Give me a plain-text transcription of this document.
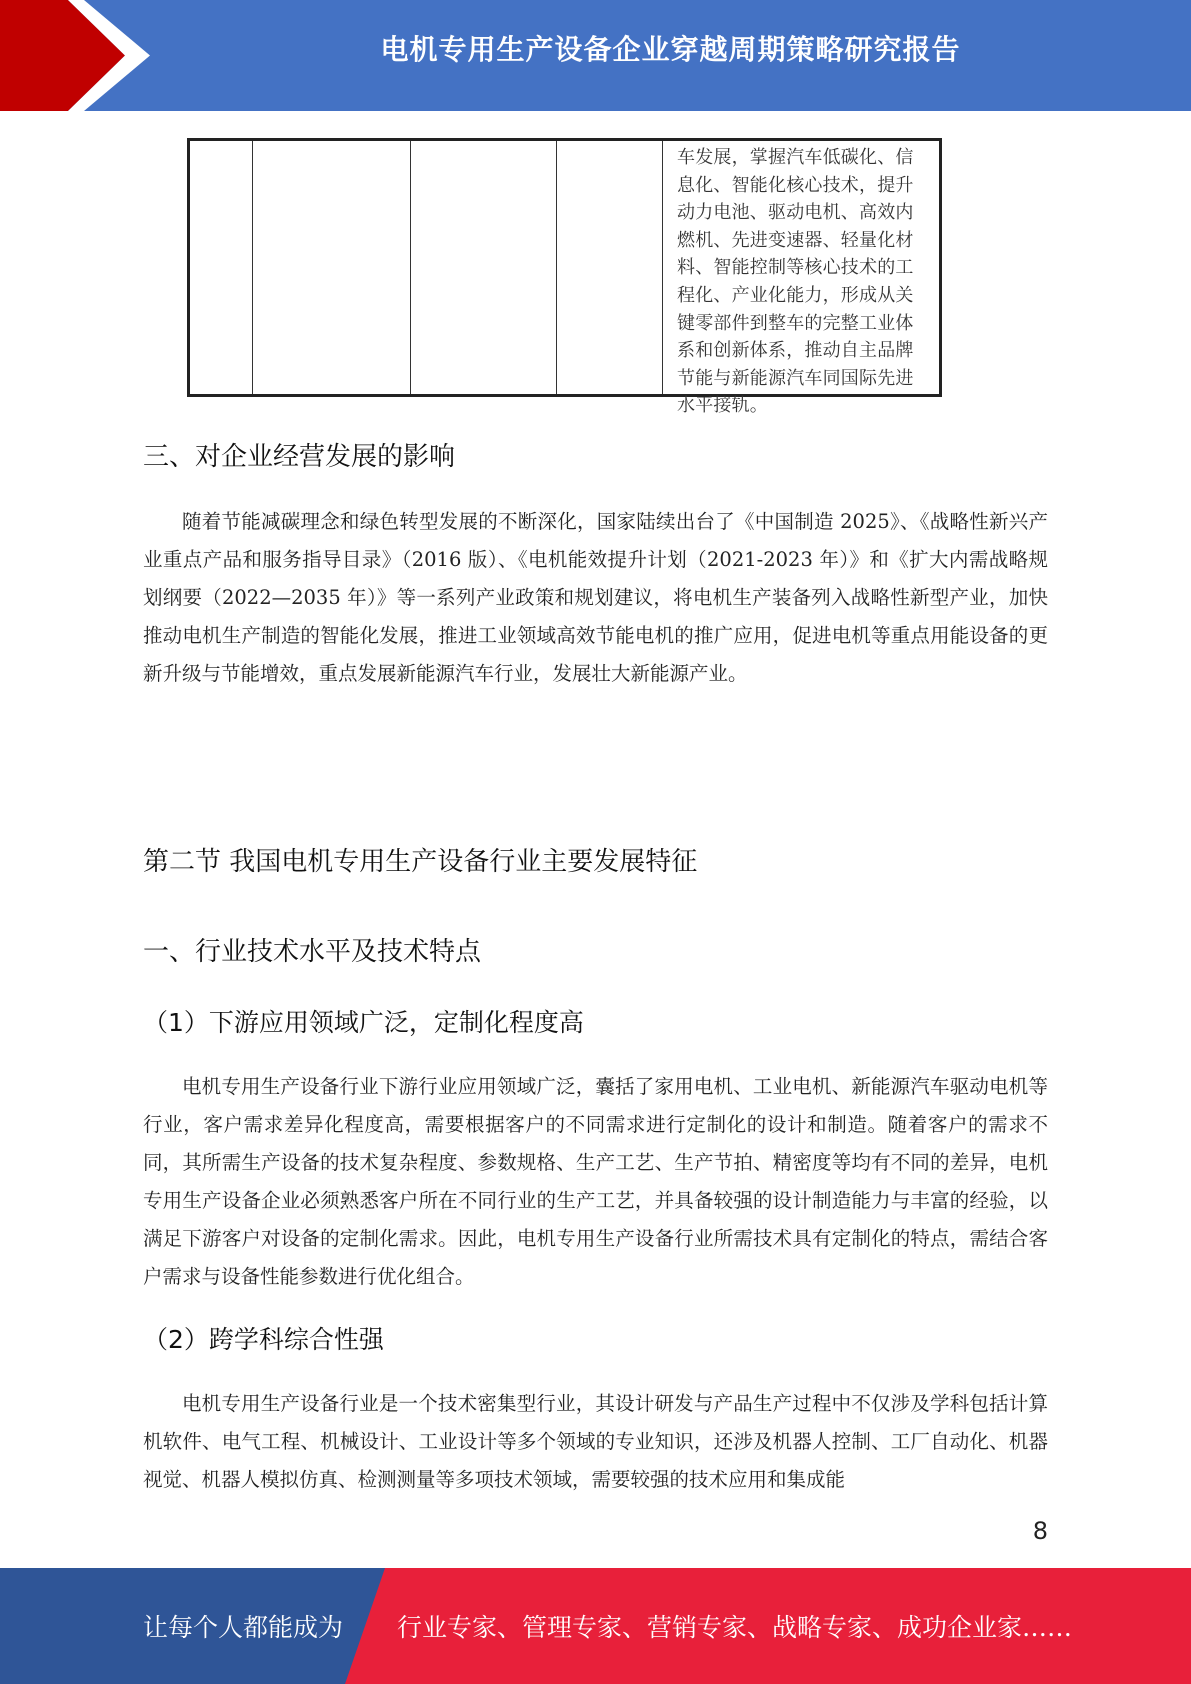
电机专用生产设备企业穿越周期策略研究报告
车发展，掌握汽车低碳化、信息化、智能化核心技术，提升动力电池、驱动电机、高效内燃机、先进变速器、轻量化材料、智能控制等核心技术的工程化、产业化能力，形成从关键零部件到整车的完整工业体系和创新体系，推动自主品牌节能与新能源汽车同国际先进水平接轨。
三、对企业经营发展的影响

随着节能减碳理念和绿色转型发展的不断深化，国家陆续出台了《中国制造 2025》、《战略性新兴产业重点产品和服务指导目录》（2016 版）、《电机能效提升计划（2021-2023 年）》和《扩大内需战略规划纲要（2022—2035 年）》等一系列产业政策和规划建议，将电机生产装备列入战略性新型产业，加快推动电机生产制造的智能化发展，推进工业领域高效节能电机的推广应用，促进电机等重点用能设备的更新升级与节能增效，重点发展新能源汽车行业，发展壮大新能源产业。

第二节 我国电机专用生产设备行业主要发展特征
一、行业技术水平及技术特点
（1）下游应用领域广泛，定制化程度高

电机专用生产设备行业下游行业应用领域广泛，囊括了家用电机、工业电机、新能源汽车驱动电机等行业，客户需求差异化程度高，需要根据客户的不同需求进行定制化的设计和制造。随着客户的需求不同，其所需生产设备的技术复杂程度、参数规格、生产工艺、生产节拍、精密度等均有不同的差异，电机专用生产设备企业必须熟悉客户所在不同行业的生产工艺，并具备较强的设计制造能力与丰富的经验，以满足下游客户对设备的定制化需求。因此，电机专用生产设备行业所需技术具有定制化的特点，需结合客户需求与设备性能参数进行优化组合。

（2）跨学科综合性强

电机专用生产设备行业是一个技术密集型行业，其设计研发与产品生产过程中不仅涉及学科包括计算机软件、电气工程、机械设计、工业设计等多个领域的专业知识，还涉及机器人控制、工厂自动化、机器视觉、机器人模拟仿真、检测测量等多项技术领域，需要较强的技术应用和集成能

8
让每个人都能成为 行业专家、管理专家、营销专家、战略专家、成功企业家……
